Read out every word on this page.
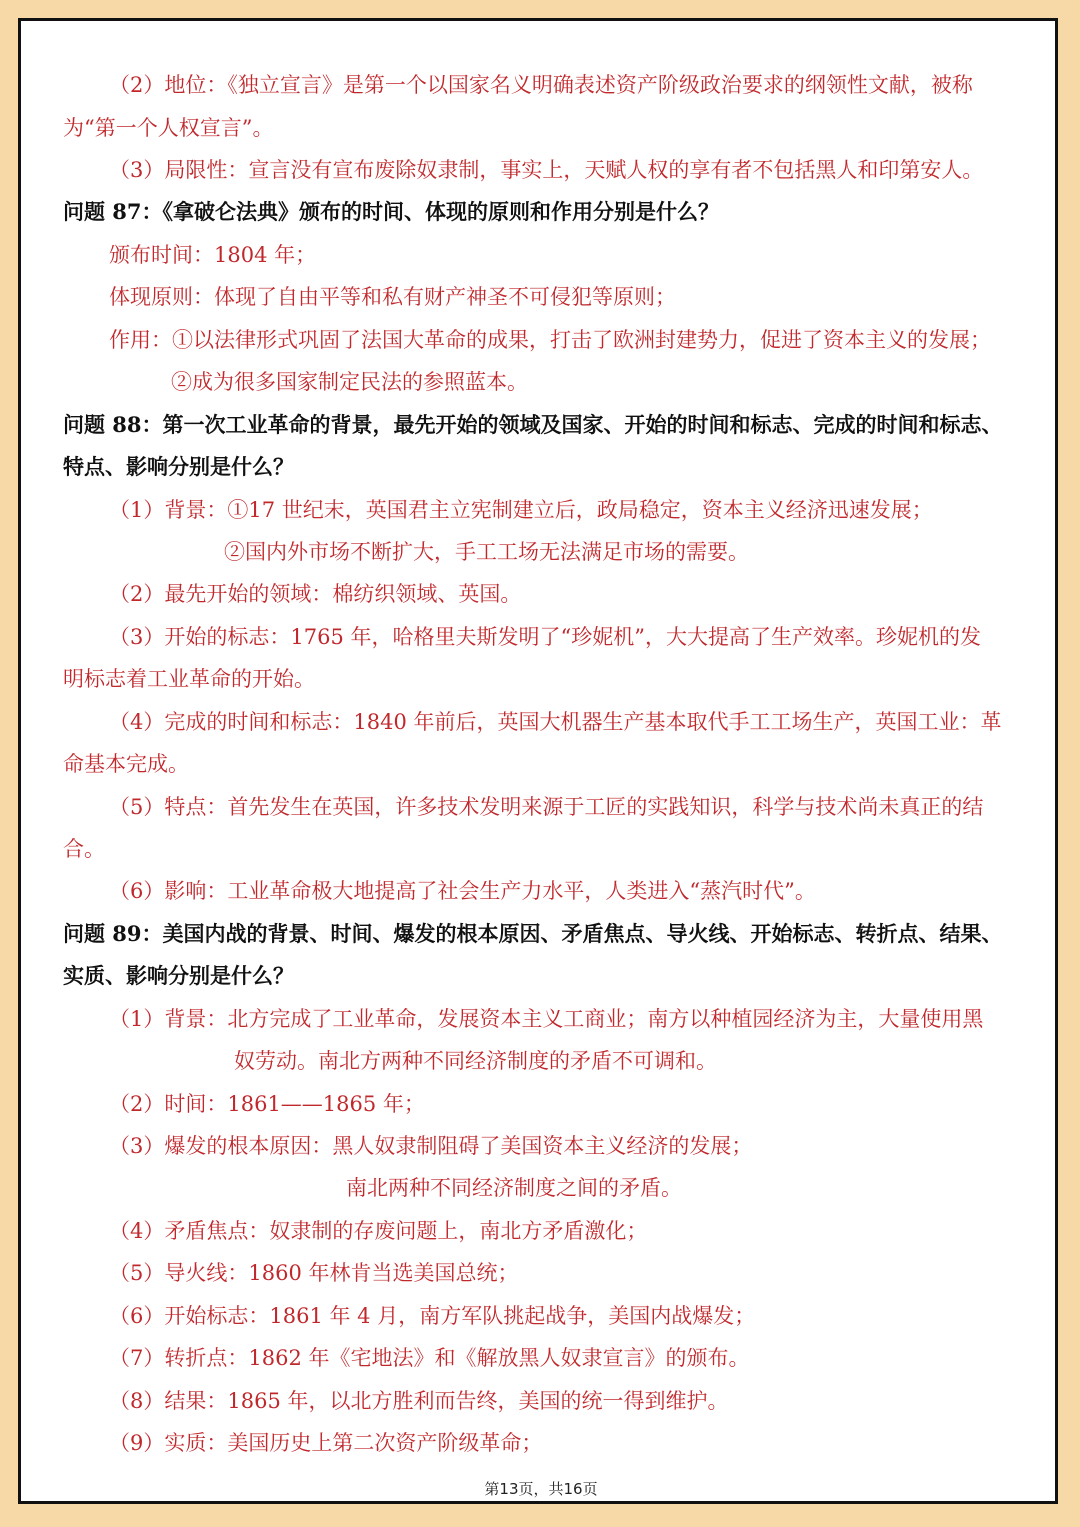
（2）地位：《独立宣言》是第一个以国家名义明确表述资产阶级政治要求的纲领性文献，被称
为“第一个人权宣言”。
（3）局限性：宣言没有宣布废除奴隶制，事实上，天赋人权的享有者不包括黑人和印第安人。
问题 87：《拿破仑法典》颁布的时间、体现的原则和作用分别是什么？
颁布时间：1804 年；
体现原则：体现了自由平等和私有财产神圣不可侵犯等原则；
作用：①以法律形式巩固了法国大革命的成果，打击了欧洲封建势力，促进了资本主义的发展；
②成为很多国家制定民法的参照蓝本。
问题 88：第一次工业革命的背景，最先开始的领域及国家、开始的时间和标志、完成的时间和标志、
特点、影响分别是什么？
（1）背景：①17 世纪末，英国君主立宪制建立后，政局稳定，资本主义经济迅速发展；
②国内外市场不断扩大，手工工场无法满足市场的需要。
（2）最先开始的领域：棉纺织领域、英国。
（3）开始的标志：1765 年，哈格里夫斯发明了“珍妮机”，大大提高了生产效率。珍妮机的发
明标志着工业革命的开始。
（4）完成的时间和标志：1840 年前后，英国大机器生产基本取代手工工场生产，英国工业：革
命基本完成。
（5）特点：首先发生在英国，许多技术发明来源于工匠的实践知识，科学与技术尚未真正的结
合。
（6）影响：工业革命极大地提高了社会生产力水平，人类进入“蒸汽时代”。
问题 89：美国内战的背景、时间、爆发的根本原因、矛盾焦点、导火线、开始标志、转折点、结果、
实质、影响分别是什么？
（1）背景：北方完成了工业革命，发展资本主义工商业；南方以种植园经济为主，大量使用黑
奴劳动。南北方两种不同经济制度的矛盾不可调和。
（2）时间：1861——1865 年；
（3）爆发的根本原因：黑人奴隶制阻碍了美国资本主义经济的发展；
南北两种不同经济制度之间的矛盾。
（4）矛盾焦点：奴隶制的存废问题上，南北方矛盾激化；
（5）导火线：1860 年林肯当选美国总统；
（6）开始标志：1861 年 4 月，南方军队挑起战争，美国内战爆发；
（7）转折点：1862 年《宅地法》和《解放黑人奴隶宣言》的颁布。
（8）结果：1865 年，以北方胜利而告终，美国的统一得到维护。
（9）实质：美国历史上第二次资产阶级革命；
第13页，共16页
